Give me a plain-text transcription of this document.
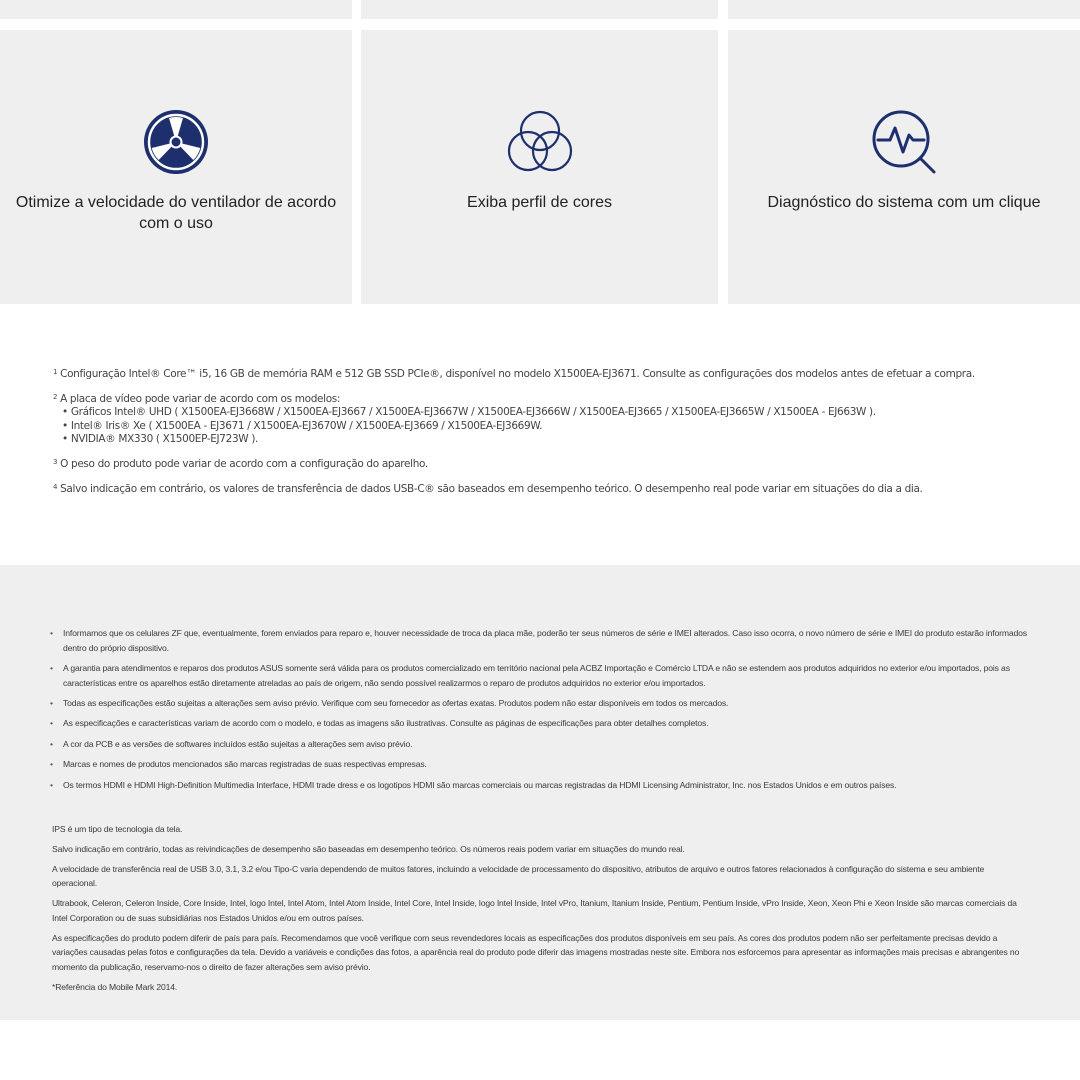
Otimize a velocidade do ventilador de acordo com o uso
Exiba perfil de cores	Diagnóstico do sistema com um clique
$^1$ Configuração Intel® Core™ i5, 16 GB de memória RAM e 512 GB SSD PCIe®, disponível no modelo X1500EA-EJ3671. Consulte as configurações dos modelos antes de efetuar a compra.
$^2$ A placa de vídeo pode variar de acordo com os modelos:
• Gráficos Intel® UHD ( X1500EA-EJ3668W / X1500EA-EJ3667 / X1500EA-EJ3667W / X1500EA-EJ3666W / X1500EA-EJ3665 / X1500EA-EJ3665W / X1500EA - EJ663W ).
• Intel® Iris® Xe ( X1500EA - EJ3671 / X1500EA-EJ3670W / X1500EA-EJ3669 / X1500EA-EJ3669W.
• NVIDIA® MX330 ( X1500EP-EJ723W ).
$^3$ O peso do produto pode variar de acordo com a configuração do aparelho.
$^4$ Salvo indicação em contrário, os valores de transferência de dados USB-C® são baseados em desempenho teórico. O desempenho real pode variar em situações do dia a dia.
• Informamos que os celulares ZF que, eventualmente, forem enviados para reparo e, houver necessidade de troca da placa mãe, poderão ter seus números de série e IMEI alterados. Caso isso ocorra, o novo número de série e IMEI do produto estarão informados dentro do próprio dispositivo.
• A garantia para atendimentos e reparos dos produtos ASUS somente será válida para os produtos comercializado em território nacional pela ACBZ Importação e Comércio LTDA e não se estendem aos produtos adquiridos no exterior e/ou importados, pois as características entre os aparelhos estão diretamente atreladas ao país de origem, não sendo possível realizarmos o reparo de produtos adquiridos no exterior e/ou importados.
• Todas as especificações estão sujeitas a alterações sem aviso prévio. Verifique com seu fornecedor as ofertas exatas. Produtos podem não estar disponíveis em todos os mercados.
• As especificações e características variam de acordo com o modelo, e todas as imagens são ilustrativas. Consulte as páginas de especificações para obter detalhes completos.
• A cor da PCB e as versões de softwares incluídos estão sujeitas a alterações sem aviso prévio.
• Marcas e nomes de produtos mencionados são marcas registradas de suas respectivas empresas.
• Os termos HDMI e HDMI High-Definition Multimedia Interface, HDMI trade dress e os logotipos HDMI são marcas comerciais ou marcas registradas da HDMI Licensing Administrator, Inc. nos Estados Unidos e em outros países.

IPS é um tipo de tecnologia da tela.

Salvo indicação em contrário, todas as reivindicações de desempenho são baseadas em desempenho teórico. Os números reais podem variar em situações do mundo real.

A velocidade de transferência real de USB 3.0, 3.1, 3.2 e/ou Tipo-C varia dependendo de muitos fatores, incluindo a velocidade de processamento do dispositivo, atributos de arquivo e outros fatores relacionados à configuração do sistema e seu ambiente operacional.

Ultrabook, Celeron, Celeron Inside, Core Inside, Intel, logo Intel, Intel Atom, Intel Atom Inside, Intel Core, Intel Inside, logo Intel Inside, Intel vPro, Itanium, Itanium Inside, Pentium, Pentium Inside, vPro Inside, Xeon, Xeon Phi e Xeon Inside são marcas comerciais da Intel Corporation ou de suas subsidiárias nos Estados Unidos e/ou em outros países.

As especificações do produto podem diferir de país para país. Recomendamos que você verifique com seus revendedores locais as especificações dos produtos disponíveis em seu país. As cores dos produtos podem não ser perfeitamente precisas devido a variações causadas pelas fotos e configurações da tela. Devido a variáveis e condições das fotos, a aparência real do produto pode diferir das imagens mostradas neste site. Embora nos esforcemos para apresentar as informações mais precisas e abrangentes no momento da publicação, reservamo-nos o direito de fazer alterações sem aviso prévio.

*Referência do Mobile Mark 2014.
